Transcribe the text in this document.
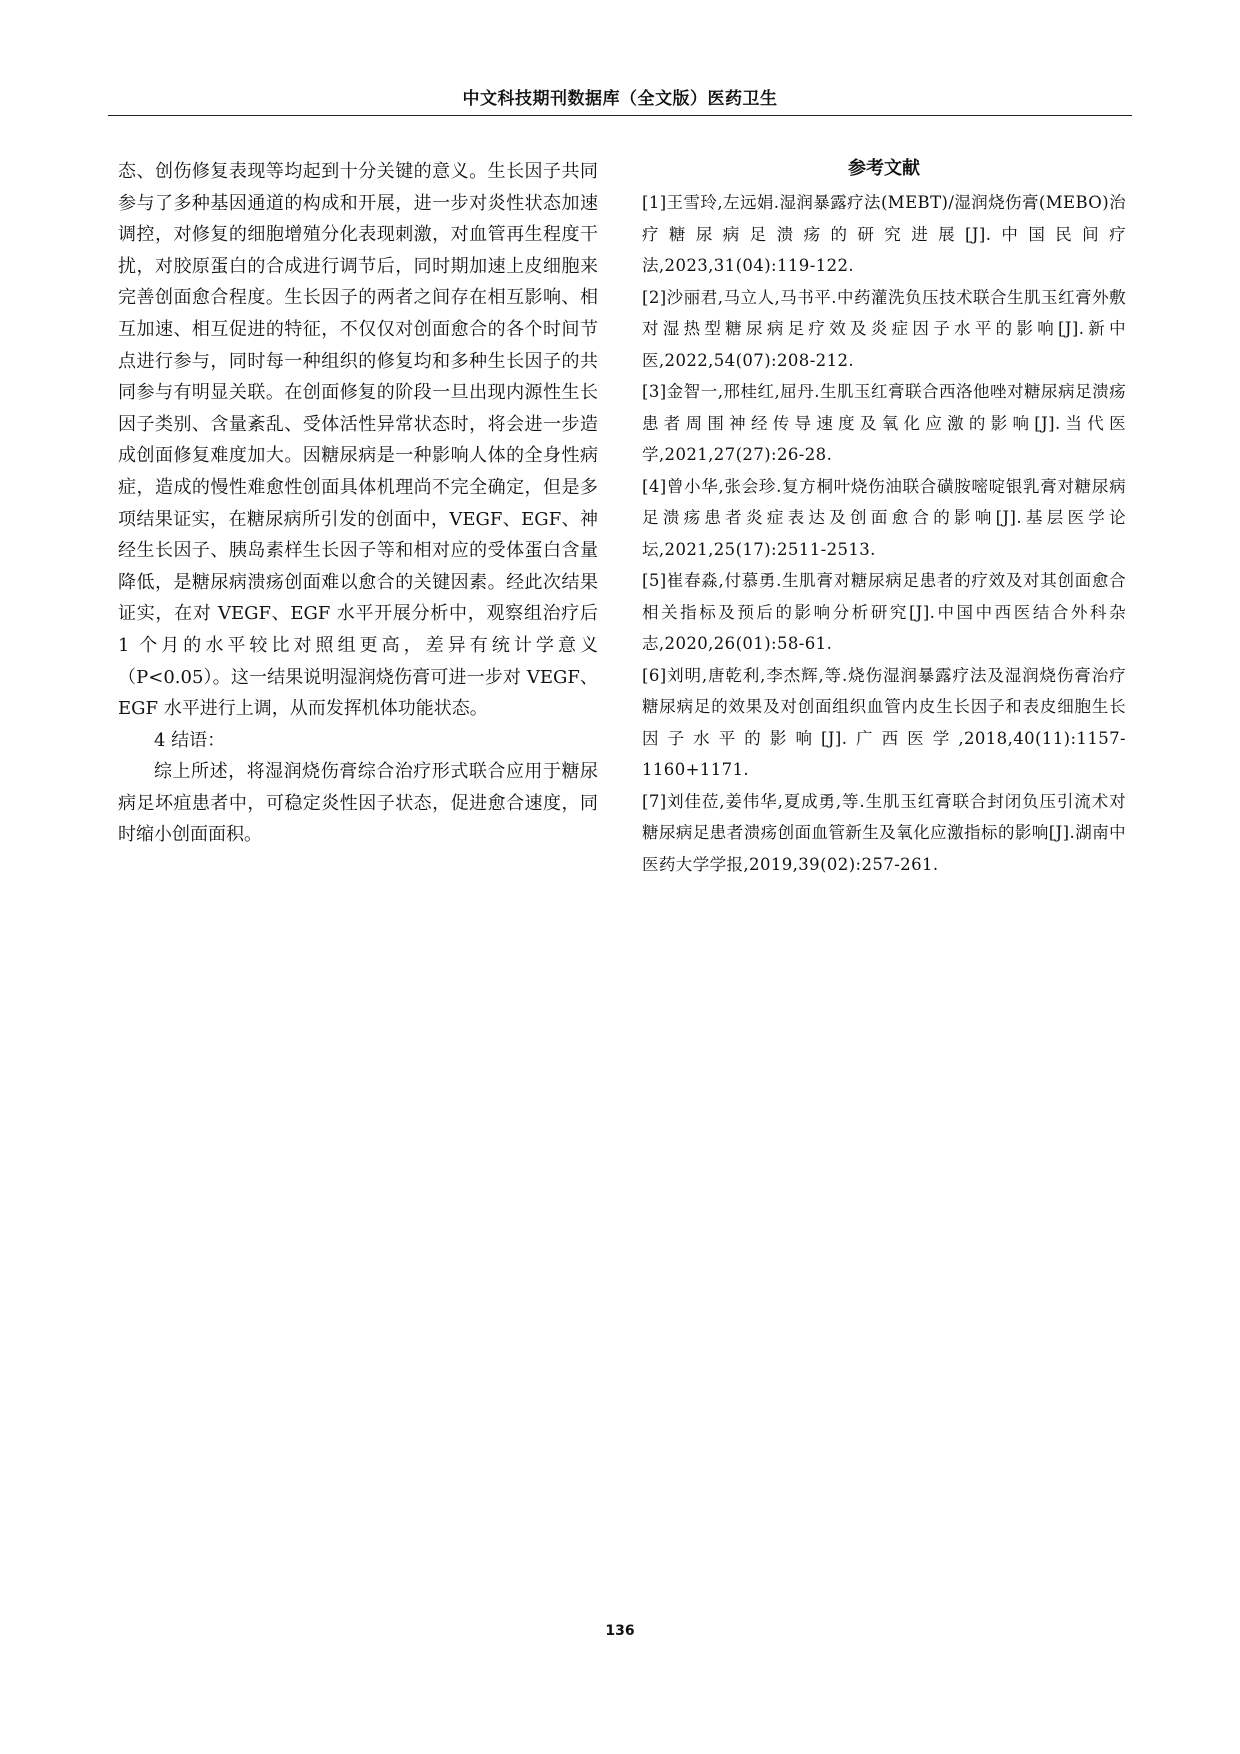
中文科技期刊数据库（全文版）医药卫生

态、创伤修复表现等均起到十分关键的意义。生长因子共同参与了多种基因通道的构成和开展，进一步对炎性状态加速调控，对修复的细胞增殖分化表现刺激，对血管再生程度干扰，对胶原蛋白的合成进行调节后，同时期加速上皮细胞来完善创面愈合程度。生长因子的两者之间存在相互影响、相互加速、相互促进的特征，不仅仅对创面愈合的各个时间节点进行参与，同时每一种组织的修复均和多种生长因子的共同参与有明显关联。在创面修复的阶段一旦出现内源性生长因子类别、含量紊乱、受体活性异常状态时，将会进一步造成创面修复难度加大。因糖尿病是一种影响人体的全身性病症，造成的慢性难愈性创面具体机理尚不完全确定，但是多项结果证实，在糖尿病所引发的创面中，VEGF、EGF、神经生长因子、胰岛素样生长因子等和相对应的受体蛋白含量降低，是糖尿病溃疡创面难以愈合的关键因素。经此次结果证实，在对 VEGF、EGF 水平开展分析中，观察组治疗后 1 个月的水平较比对照组更高，差异有统计学意义（P<0.05）。这一结果说明湿润烧伤膏可进一步对 VEGF、EGF 水平进行上调，从而发挥机体功能状态。

4 结语：

综上所述，将湿润烧伤膏综合治疗形式联合应用于糖尿病足坏疽患者中，可稳定炎性因子状态，促进愈合速度，同时缩小创面面积。

参考文献

[1]王雪玲,左远娟.湿润暴露疗法(MEBT)/湿润烧伤膏(MEBO)治疗糖尿病足溃疡的研究进展[J].中国民间疗法,2023,31(04):119-122.

[2]沙丽君,马立人,马书平.中药灌洗负压技术联合生肌玉红膏外敷对湿热型糖尿病足疗效及炎症因子水平的影响[J].新中医,2022,54(07):208-212.

[3]金智一,邢桂红,屈丹.生肌玉红膏联合西洛他唑对糖尿病足溃疡患者周围神经传导速度及氧化应激的影响[J].当代医学,2021,27(27):26-28.

[4]曾小华,张会珍.复方桐叶烧伤油联合磺胺嘧啶银乳膏对糖尿病足溃疡患者炎症表达及创面愈合的影响[J].基层医学论坛,2021,25(17):2511-2513.

[5]崔春淼,付慕勇.生肌膏对糖尿病足患者的疗效及对其创面愈合相关指标及预后的影响分析研究[J].中国中西医结合外科杂志,2020,26(01):58-61.

[6]刘明,唐乾利,李杰辉,等.烧伤湿润暴露疗法及湿润烧伤膏治疗糖尿病足的效果及对创面组织血管内皮生长因子和表皮细胞生长因子水平的影响[J].广西医学,2018,40(11):1157-1160+1171.

[7]刘佳莅,姜伟华,夏成勇,等.生肌玉红膏联合封闭负压引流术对糖尿病足患者溃疡创面血管新生及氧化应激指标的影响[J].湖南中医药大学学报,2019,39(02):257-261.

136
